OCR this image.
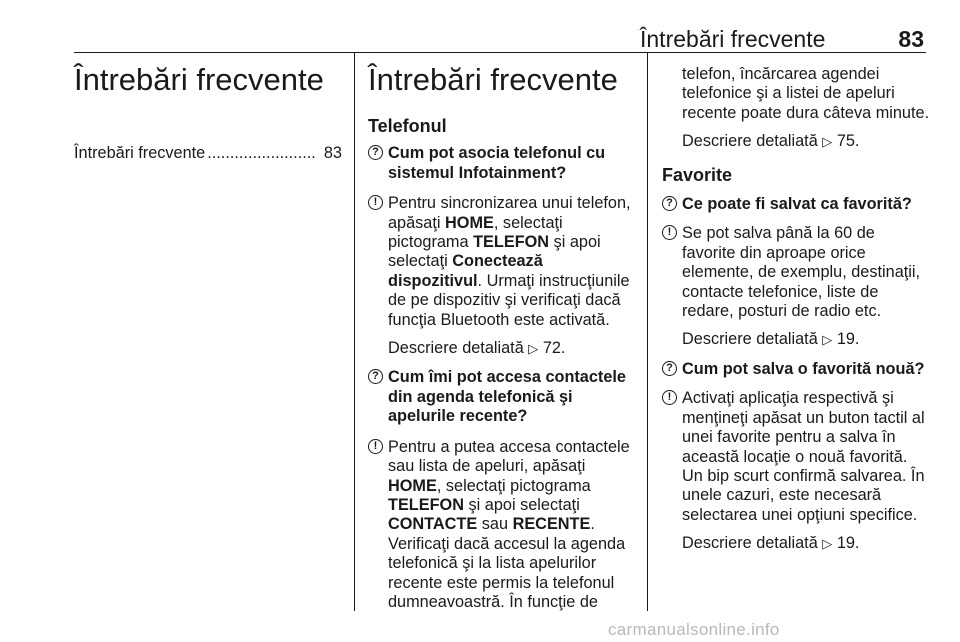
Întrebări frecvente	83
Întrebări frecvente
Întrebări frecvente ........................ 83
Întrebări frecvente

Telefonul

? Cum pot asocia telefonul cu sistemul Infotainment?

! Pentru sincronizarea unui telefon, apăsaţi HOME, selectaţi pictograma TELEFON şi apoi selectaţi Conectează dispozitivul. Urmaţi instrucţiunile de pe dispozitiv şi verificaţi dacă funcţia Bluetooth este activată.

Descriere detaliată ▷ 72.

? Cum îmi pot accesa contactele din agenda telefonică şi apelurile recente?

! Pentru a putea accesa contactele sau lista de apeluri, apăsaţi HOME, selectaţi pictograma TELEFON şi apoi selectaţi CONTACTE sau RECENTE. Verificaţi dacă accesul la agenda telefonică şi la lista apelurilor recente este permis la telefonul dumneavoastră. În funcţie de

telefon, încărcarea agendei telefonice şi a listei de apeluri recente poate dura câteva minute.

Descriere detaliată ▷ 75.

Favorite

? Ce poate fi salvat ca favorită?

! Se pot salva până la 60 de favorite din aproape orice elemente, de exemplu, destinaţii, contacte telefonice, liste de redare, posturi de radio etc.

Descriere detaliată ▷ 19.

? Cum pot salva o favorită nouă?

! Activaţi aplicaţia respectivă şi menţineţi apăsat un buton tactil al unei favorite pentru a salva în această locaţie o nouă favorită. Un bip scurt confirmă salvarea. În unele cazuri, este necesară selectarea unei opţiuni specifice.

Descriere detaliată ▷ 19.

carmanualsonline.info
